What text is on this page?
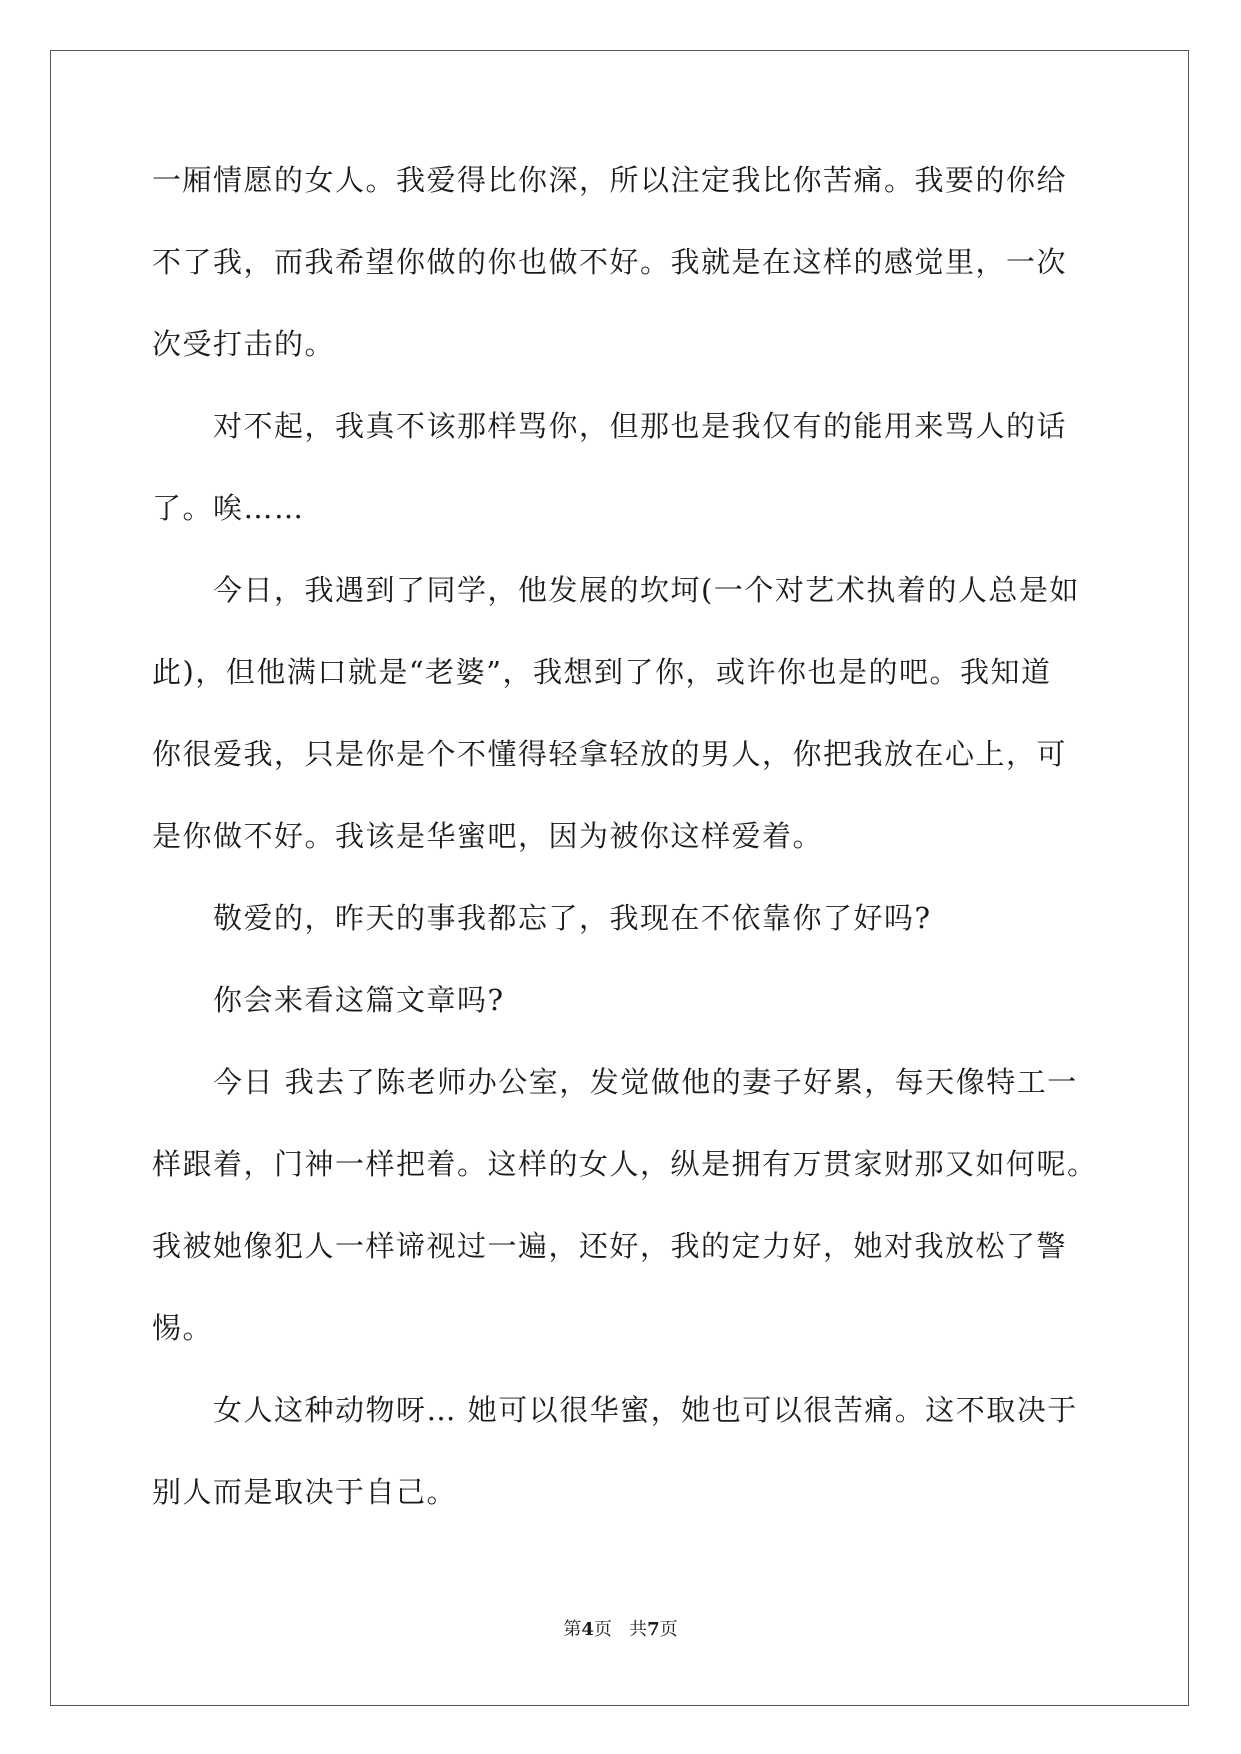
一厢情愿的女人。我爱得比你深，所以注定我比你苦痛。我要的你给
不了我，而我希望你做的你也做不好。我就是在这样的感觉里，一次
次受打击的。
　　对不起，我真不该那样骂你，但那也是我仅有的能用来骂人的话
了。唉……
　　今日，我遇到了同学，他发展的坎坷(一个对艺术执着的人总是如
此)，但他满口就是“老婆”，我想到了你，或许你也是的吧。我知道
你很爱我，只是你是个不懂得轻拿轻放的男人，你把我放在心上，可
是你做不好。我该是华蜜吧，因为被你这样爱着。
　　敬爱的，昨天的事我都忘了，我现在不依靠你了好吗?
　　你会来看这篇文章吗?
　　今日 我去了陈老师办公室，发觉做他的妻子好累，每天像特工一
样跟着，门神一样把着。这样的女人，纵是拥有万贯家财那又如何呢。
我被她像犯人一样谛视过一遍，还好，我的定力好，她对我放松了警
惕。
　　女人这种动物呀… 她可以很华蜜，她也可以很苦痛。这不取决于
别人而是取决于自己。
第4页 共7页
